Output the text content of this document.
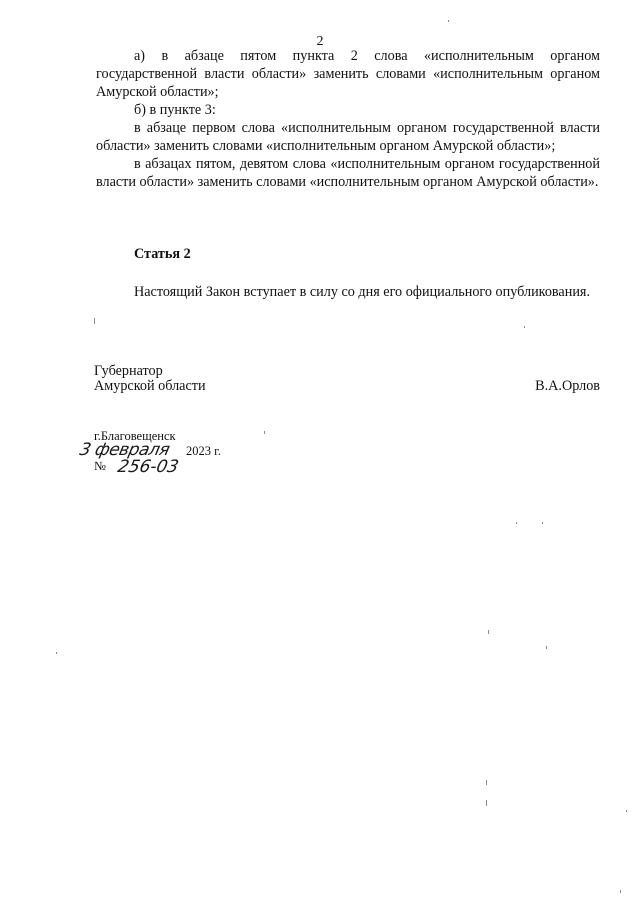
2

а) в абзаце пятом пункта 2 слова «исполнительным органом государственной власти области» заменить словами «исполнительным органом Амурской области»;

б) в пункте 3:

в абзаце первом слова «исполнительным органом государственной власти области» заменить словами «исполнительным органом Амурской области»;

в абзацах пятом, девятом слова «исполнительным органом государственной власти области» заменить словами «исполнительным органом Амурской области».

Статья 2

Настоящий Закон вступает в силу со дня его официального опубликования.

Губернатор
Амурской области	В.А.Орлов
г.Благовещенск
3 февраля 2023 г.
№ 256-03
